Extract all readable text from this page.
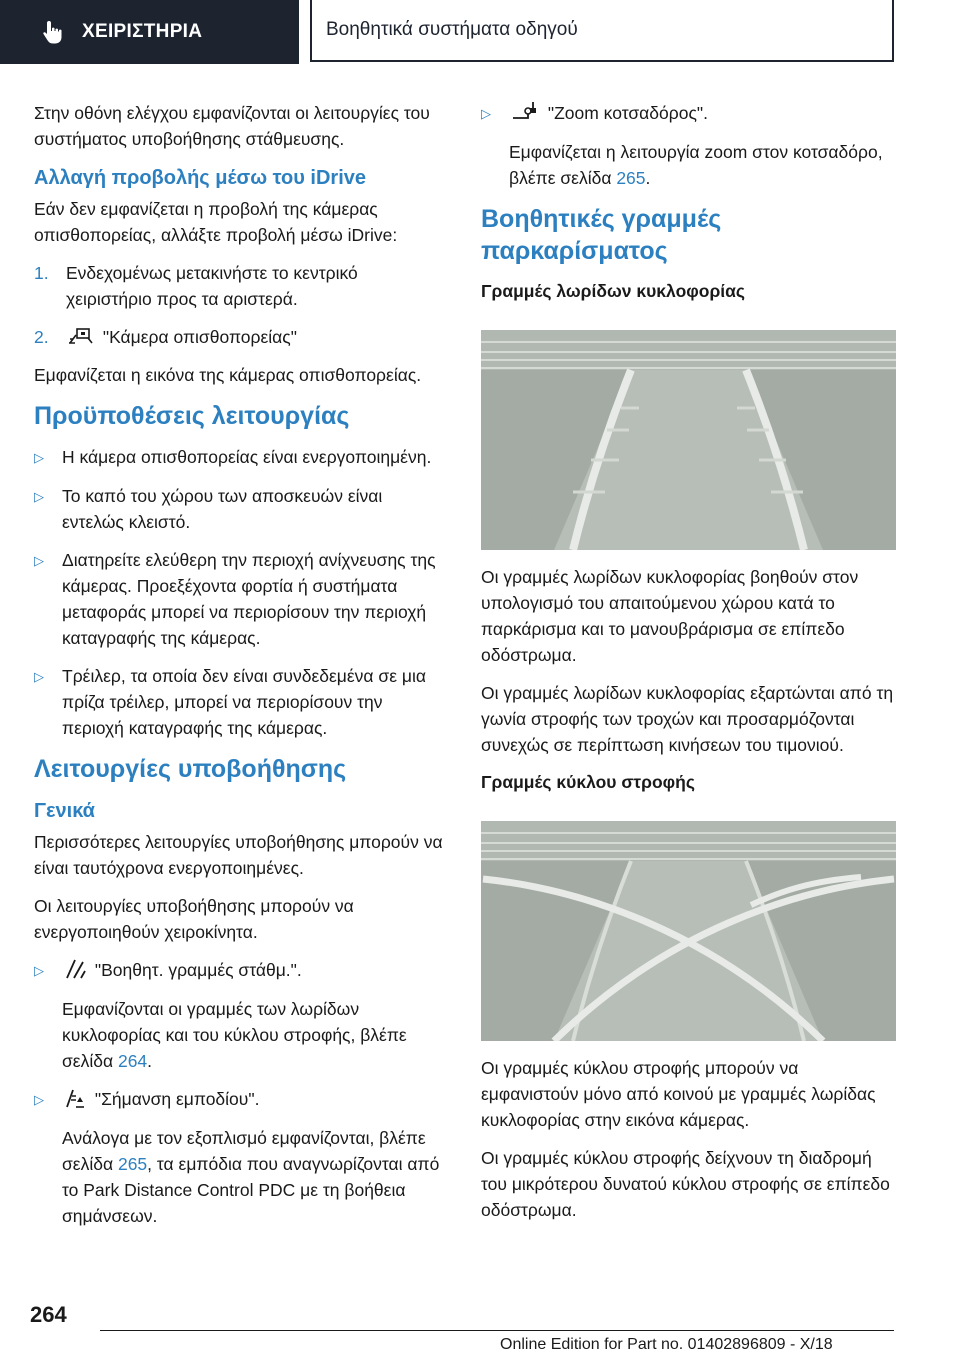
ΧΕΙΡΙΣΤΗΡΙΑ	Βοηθητικά συστήματα οδηγού

Στην οθόνη ελέγχου εμφανίζονται οι λειτουργίες του συστήματος υποβοήθησης στάθμευσης.

Αλλαγή προβολής μέσω του iDrive

Εάν δεν εμφανίζεται η προβολή της κάμερας οπισθοπορείας, αλλάξτε προβολή μέσω iDrive:

1. Ενδεχομένως μετακινήστε το κεντρικό χειριστήριο προς τα αριστερά.
2.	"Κάμερα οπισθοπορείας"

Εμφανίζεται η εικόνα της κάμερας οπισθοπορείας.

Προϋποθέσεις λειτουργίας
▷	Η κάμερα οπισθοπορείας είναι ενεργοποιημένη.
▷	Το καπό του χώρου των αποσκευών είναι εντελώς κλειστό.
▷	Διατηρείτε ελεύθερη την περιοχή ανίχνευσης της κάμερας. Προεξέχοντα φορτία ή συστήματα μεταφοράς μπορεί να περιορίσουν την περιοχή καταγραφής της κάμερας.
▷	Τρέιλερ, τα οποία δεν είναι συνδεδεμένα σε μια πρίζα τρέιλερ, μπορεί να περιορίσουν την περιοχή καταγραφής της κάμερας.
Λειτουργίες υποβοήθησης
Γενικά

Περισσότερες λειτουργίες υποβοήθησης μπορούν να είναι ταυτόχρονα ενεργοποιημένες.

Οι λειτουργίες υποβοήθησης μπορούν να ενεργοποιηθούν χειροκίνητα.

▷	"Βοηθητ. γραμμές στάθμ.".

Εμφανίζονται οι γραμμές των λωρίδων κυκλοφορίας και του κύκλου στροφής, βλέπε σελίδα 264.

▷	"Σήμανση εμποδίου".

Ανάλογα με τον εξοπλισμό εμφανίζονται, βλέπε σελίδα 265, τα εμπόδια που αναγνωρίζονται από το Park Distance Control PDC με τη βοήθεια σημάνσεων.

▷	"Zoom κοτσαδόρος".

Εμφανίζεται η λειτουργία zoom στον κοτσαδόρο, βλέπε σελίδα 265.

Βοηθητικές γραμμές παρκαρίσματος
Γραμμές λωρίδων κυκλοφορίας

Οι γραμμές λωρίδων κυκλοφορίας βοηθούν στον υπολογισμό του απαιτούμενου χώρου κατά το παρκάρισμα και το μανουβράρισμα σε επίπεδο οδόστρωμα.

Οι γραμμές λωρίδων κυκλοφορίας εξαρτώνται από τη γωνία στροφής των τροχών και προσαρμόζονται συνεχώς σε περίπτωση κινήσεων του τιμονιού.

Γραμμές κύκλου στροφής

Οι γραμμές κύκλου στροφής μπορούν να εμφανιστούν μόνο από κοινού με γραμμές λωρίδας κυκλοφορίας στην εικόνα κάμερας.

Οι γραμμές κύκλου στροφής δείχνουν τη διαδρομή του μικρότερου δυνατού κύκλου στροφής σε επίπεδο οδόστρωμα.

264
Online Edition for Part no. 01402896809 - X/18
